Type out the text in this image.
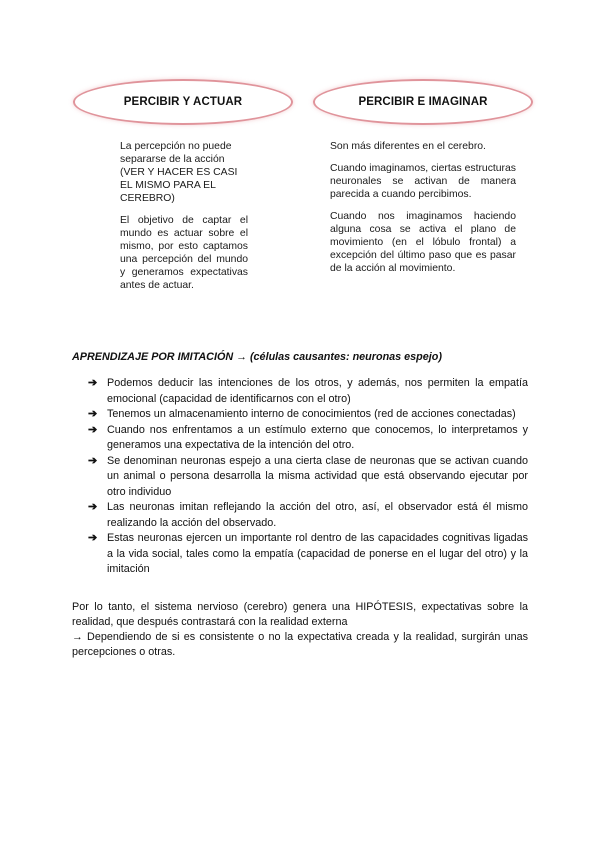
PERCIBIR Y ACTUAR	PERCIBIR E IMAGINAR

La percepción no puede separarse de la acción (VER Y HACER ES CASI EL MISMO PARA EL CEREBRO)

El objetivo de captar el mundo es actuar sobre el mismo, por esto captamos una percepción del mundo y generamos expectativas antes de actuar.

Son más diferentes en el cerebro.

Cuando imaginamos, ciertas estructuras neuronales se activan de manera parecida a cuando percibimos.

Cuando nos imaginamos haciendo alguna cosa se activa el plano de movimiento (en el lóbulo frontal) a excepción del último paso que es pasar de la acción al movimiento.

APRENDIZAJE POR IMITACIÓN → (células causantes: neuronas espejo)
➔ Podemos deducir las intenciones de los otros, y además, nos permiten la empatía emocional (capacidad de identificarnos con el otro)
➔ Tenemos un almacenamiento interno de conocimientos (red de acciones conectadas)
➔ Cuando nos enfrentamos a un estímulo externo que conocemos, lo interpretamos y generamos una expectativa de la intención del otro.
➔ Se denominan neuronas espejo a una cierta clase de neuronas que se activan cuando un animal o persona desarrolla la misma actividad que está observando ejecutar por otro individuo
➔ Las neuronas imitan reflejando la acción del otro, así, el observador está él mismo realizando la acción del observado.
➔ Estas neuronas ejercen un importante rol dentro de las capacidades cognitivas ligadas a la vida social, tales como la empatía (capacidad de ponerse en el lugar del otro) y la imitación

Por lo tanto, el sistema nervioso (cerebro) genera una HIPÓTESIS, expectativas sobre la realidad, que después contrastará con la realidad externa

→ Dependiendo de si es consistente o no la expectativa creada y la realidad, surgirán unas percepciones o otras.
